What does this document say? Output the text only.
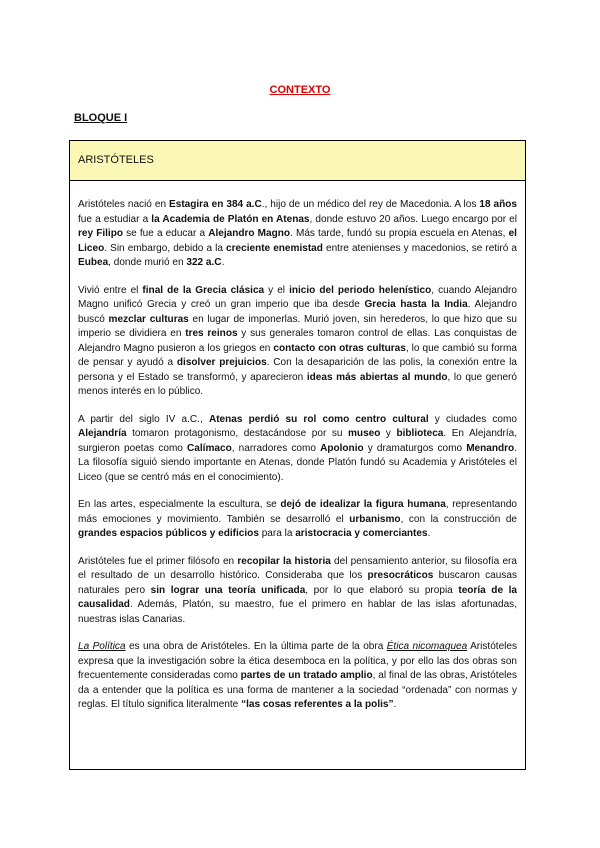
CONTEXTO
BLOQUE I
ARISTÓTELES

Aristóteles nació en Estagira en 384 a.C., hijo de un médico del rey de Macedonia. A los 18 años fue a estudiar a la Academia de Platón en Atenas, donde estuvo 20 años. Luego encargo por el rey Filipo se fue a educar a Alejandro Magno. Más tarde, fundó su propia escuela en Atenas, el Liceo. Sin embargo, debido a la creciente enemistad entre atenienses y macedonios, se retiró a Eubea, donde murió en 322 a.C.

Vivió entre el final de la Grecia clásica y el inicio del periodo helenístico, cuando Alejandro Magno unificó Grecia y creó un gran imperio que iba desde Grecia hasta la India. Alejandro buscó mezclar culturas en lugar de imponerlas. Murió joven, sin herederos, lo que hizo que su imperio se dividiera en tres reinos y sus generales tomaron control de ellas. Las conquistas de Alejandro Magno pusieron a los griegos en contacto con otras culturas, lo que cambió su forma de pensar y ayudó a disolver prejuicios. Con la desaparición de las polis, la conexión entre la persona y el Estado se transformó, y aparecieron ideas más abiertas al mundo, lo que generó menos interés en lo público.

A partir del siglo IV a.C., Atenas perdió su rol como centro cultural y ciudades como Alejandría tomaron protagonismo, destacándose por su museo y biblioteca. En Alejandría, surgieron poetas como Calímaco, narradores como Apolonio y dramaturgos como Menandro. La filosofía siguió siendo importante en Atenas, donde Platón fundó su Academia y Aristóteles el Liceo (que se centró más en el conocimiento).

En las artes, especialmente la escultura, se dejó de idealizar la figura humana, representando más emociones y movimiento. También se desarrolló el urbanismo, con la construcción de grandes espacios públicos y edificios para la aristocracia y comerciantes.

Aristóteles fue el primer filósofo en recopilar la historia del pensamiento anterior, su filosofía era el resultado de un desarrollo histórico. Consideraba que los presocráticos buscaron causas naturales pero sin lograr una teoría unificada, por lo que elaboró su propia teoría de la causalidad. Además, Platón, su maestro, fue el primero en hablar de las islas afortunadas, nuestras islas Canarias.

La Política es una obra de Aristóteles. En la última parte de la obra Ética nicomaquea Aristóteles expresa que la investigación sobre la ética desemboca en la política, y por ello las dos obras son frecuentemente consideradas como partes de un tratado amplio, al final de las obras, Aristóteles da a entender que la política es una forma de mantener a la sociedad “ordenada” con normas y reglas. El título significa literalmente “las cosas referentes a la polis”.
